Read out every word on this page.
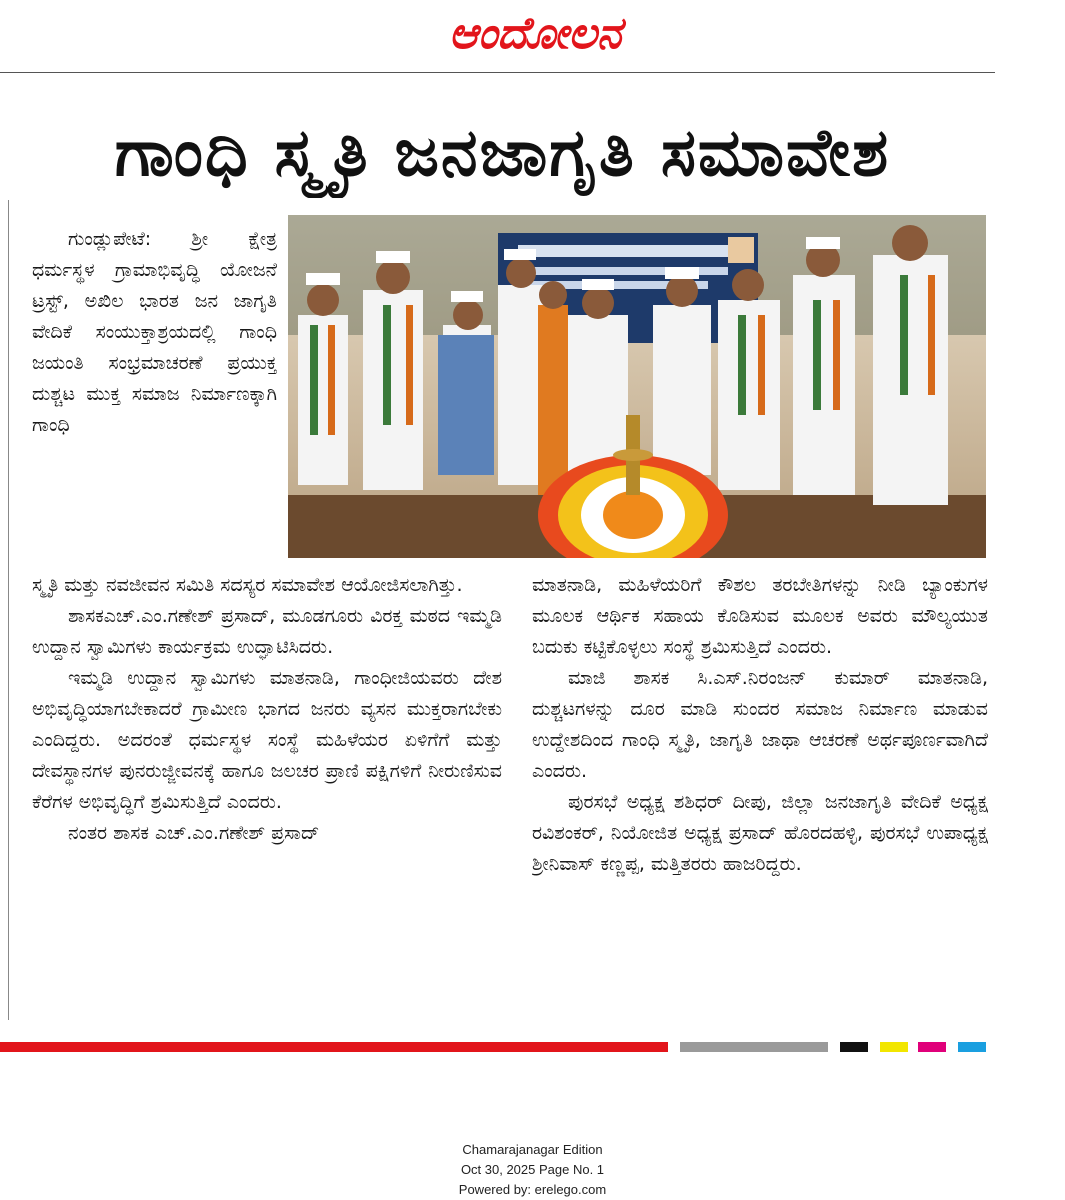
ಆಂದೋಲನ
ಗಾಂಧಿ ಸ್ಮೃತಿ ಜನಜಾಗೃತಿ ಸಮಾವೇಶ

ಗುಂಡ್ಲುಪೇಟೆ: ಶ್ರೀ ಕ್ಷೇತ್ರ ಧರ್ಮಸ್ಥಳ ಗ್ರಾಮಾಭಿವೃದ್ಧಿ ಯೋಜನೆ ಟ್ರಸ್ಟ್, ಅಖಿಲ ಭಾರತ ಜನ ಜಾಗೃತಿ ವೇದಿಕೆ ಸಂಯುಕ್ತಾಶ್ರಯದಲ್ಲಿ ಗಾಂಧಿ ಜಯಂತಿ ಸಂಭ್ರಮಾಚರಣೆ ಪ್ರಯುಕ್ತ ದುಶ್ಚಟ ಮುಕ್ತ ಸಮಾಜ ನಿರ್ಮಾಣಕ್ಕಾಗಿ ಗಾಂಧಿ

ಸ್ಮೃತಿ ಮತ್ತು ನವಜೀವನ ಸಮಿತಿ ಸದಸ್ಯರ ಸಮಾವೇಶ ಆಯೋಜಿಸಲಾಗಿತ್ತು.

ಶಾಸಕಎಚ್.ಎಂ.ಗಣೇಶ್ ಪ್ರಸಾದ್, ಮೂಡಗೂರು ವಿರಕ್ತ ಮಠದ ಇಮ್ಮಡಿ ಉದ್ದಾನ ಸ್ವಾಮಿಗಳು ಕಾರ್ಯಕ್ರಮ ಉದ್ಘಾಟಿಸಿದರು.

ಇಮ್ಮಡಿ ಉದ್ದಾನ ಸ್ವಾಮಿಗಳು ಮಾತನಾಡಿ, ಗಾಂಧೀಜಿಯವರು ದೇಶ ಅಭಿವೃದ್ಧಿಯಾಗಬೇಕಾದರೆ ಗ್ರಾಮೀಣ ಭಾಗದ ಜನರು ವ್ಯಸನ ಮುಕ್ತರಾಗಬೇಕು ಎಂದಿದ್ದರು. ಅದರಂತೆ ಧರ್ಮಸ್ಥಳ ಸಂಸ್ಥೆ ಮಹಿಳೆಯರ ಏಳಿಗೆಗೆ ಮತ್ತು ದೇವಸ್ಥಾನಗಳ ಪುನರುಜ್ಜೀವನಕ್ಕೆ ಹಾಗೂ ಜಲಚರ ಪ್ರಾಣಿ ಪಕ್ಷಿಗಳಿಗೆ ನೀರುಣಿಸುವ ಕೆರೆಗಳ ಅಭಿವೃದ್ಧಿಗೆ ಶ್ರಮಿಸುತ್ತಿದೆ ಎಂದರು.

ನಂತರ ಶಾಸಕ ಎಚ್.ಎಂ.ಗಣೇಶ್ ಪ್ರಸಾದ್

ಮಾತನಾಡಿ, ಮಹಿಳೆಯರಿಗೆ ಕೌಶಲ ತರಬೇತಿಗಳನ್ನು ನೀಡಿ ಬ್ಯಾಂಕುಗಳ ಮೂಲಕ ಆರ್ಥಿಕ ಸಹಾಯ ಕೊಡಿಸುವ ಮೂಲಕ ಅವರು ಮೌಲ್ಯಯುತ ಬದುಕು ಕಟ್ಟಿಕೊಳ್ಳಲು ಸಂಸ್ಥೆ ಶ್ರಮಿಸುತ್ತಿದೆ ಎಂದರು.

ಮಾಜಿ ಶಾಸಕ ಸಿ.ಎಸ್.ನಿರಂಜನ್ ಕುಮಾರ್ ಮಾತನಾಡಿ, ದುಶ್ಚಟಗಳನ್ನು ದೂರ ಮಾಡಿ ಸುಂದರ ಸಮಾಜ ನಿರ್ಮಾಣ ಮಾಡುವ ಉದ್ದೇಶದಿಂದ ಗಾಂಧಿ ಸ್ಮೃತಿ, ಜಾಗೃತಿ ಜಾಥಾ ಆಚರಣೆ ಅರ್ಥಪೂರ್ಣವಾಗಿದೆ ಎಂದರು.

ಪುರಸಭೆ ಅಧ್ಯಕ್ಷ ಶಶಿಧರ್ ದೀಪು, ಜಿಲ್ಲಾ ಜನಜಾಗೃತಿ ವೇದಿಕೆ ಅಧ್ಯಕ್ಷ ರವಿಶಂಕರ್, ನಿಯೋಜಿತ ಅಧ್ಯಕ್ಷ ಪ್ರಸಾದ್ ಹೊರದಹಳ್ಳಿ, ಪುರಸಭೆ ಉಪಾಧ್ಯಕ್ಷ ಶ್ರೀನಿವಾಸ್ ಕಣ್ಣಪ್ಪ, ಮತ್ತಿತರರು ಹಾಜರಿದ್ದರು.

Chamarajanagar Edition
Oct 30, 2025 Page No. 1
Powered by: erelego.com
